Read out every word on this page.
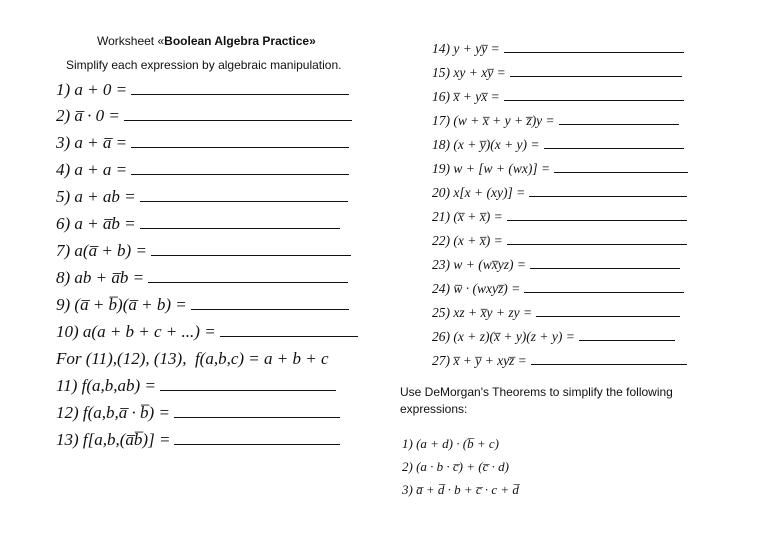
Worksheet «Boolean Algebra Practice»
Simplify each expression by algebraic manipulation.
1) a + 0 =
2) a̅ · 0 =
3) a + a̅ =
4) a + a =
5) a + ab =
6) a + a̅b =
7) a(a̅ + b) =
8) ab + a̅b =
9) (a̅ + b̅)(a̅ + b) =
10) a(a + b + c + ...) =
For (11),(12), (13),  f(a,b,c) = a + b + c
11) f(a,b,ab) =
12) f(a,b,a̅ · b̅) =
13) f[a,b,(a̅b̅)] =
14) y + yy̅ =
15) xy + xy̅ =
16) x̅ + yx̅ =
17) (w + x̅ + y + z̅)y =
18) (x + y̅)(x + y) =
19) w + [w + (wx)] =
20) x[x + (xy)] =
21) (x̅ + x̅) =
22) (x + x̅) =
23) w + (wx̅yz) =
24) w̅ · (wxyz̅) =
25) xz + x̅y + zy =
26) (x + z)(x̅ + y)(z + y) =
27) x̅ + y̅ + xyz̅ =
Use DeMorgan's Theorems to simplify the following expressions:
1) (a + d) · (b̅ + c)
2) (a · b · c̅) + (c̅ · d)
3) a̅ + d̅ · b + c̅ · c + d̅
